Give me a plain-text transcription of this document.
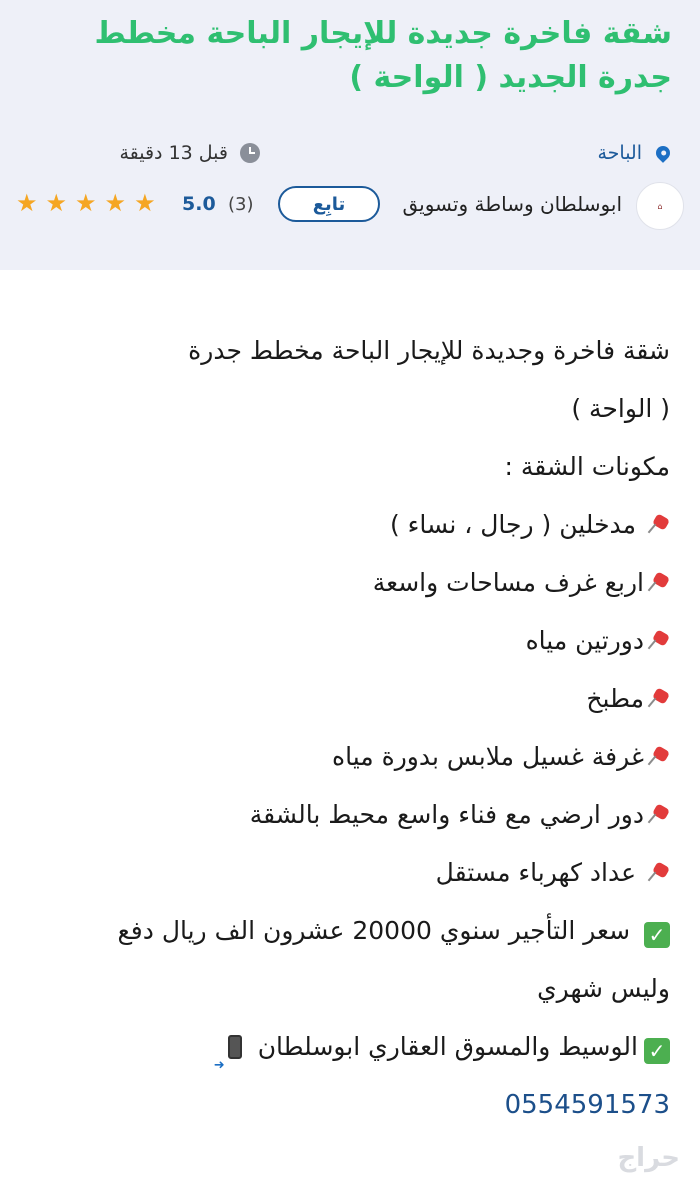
شقة فاخرة جديدة للإيجار الباحة مخطط جدرة الجديد ( الواحة )
الباحة
قبل 13 دقيقة
⌂
ابوسلطان وساطة وتسويق
تابِع
(3)
5.0
★ ★ ★ ★ ★
شقة فاخرة وجديدة للإيجار الباحة مخطط جدرة
( الواحة )
مكونات الشقة :
مدخلين ( رجال ، نساء )
اربع غرف مساحات واسعة
دورتين مياه
مطبخ
غرفة غسيل ملابس بدورة مياه
دور ارضي مع فناء واسع محيط بالشقة
عداد كهرباء مستقل
✓ سعر التأجير سنوي 20000 عشرون الف ريال دفع
وليس شهري
✓الوسيط والمسوق العقاري ابوسلطان ➜
0554591573
حراج
